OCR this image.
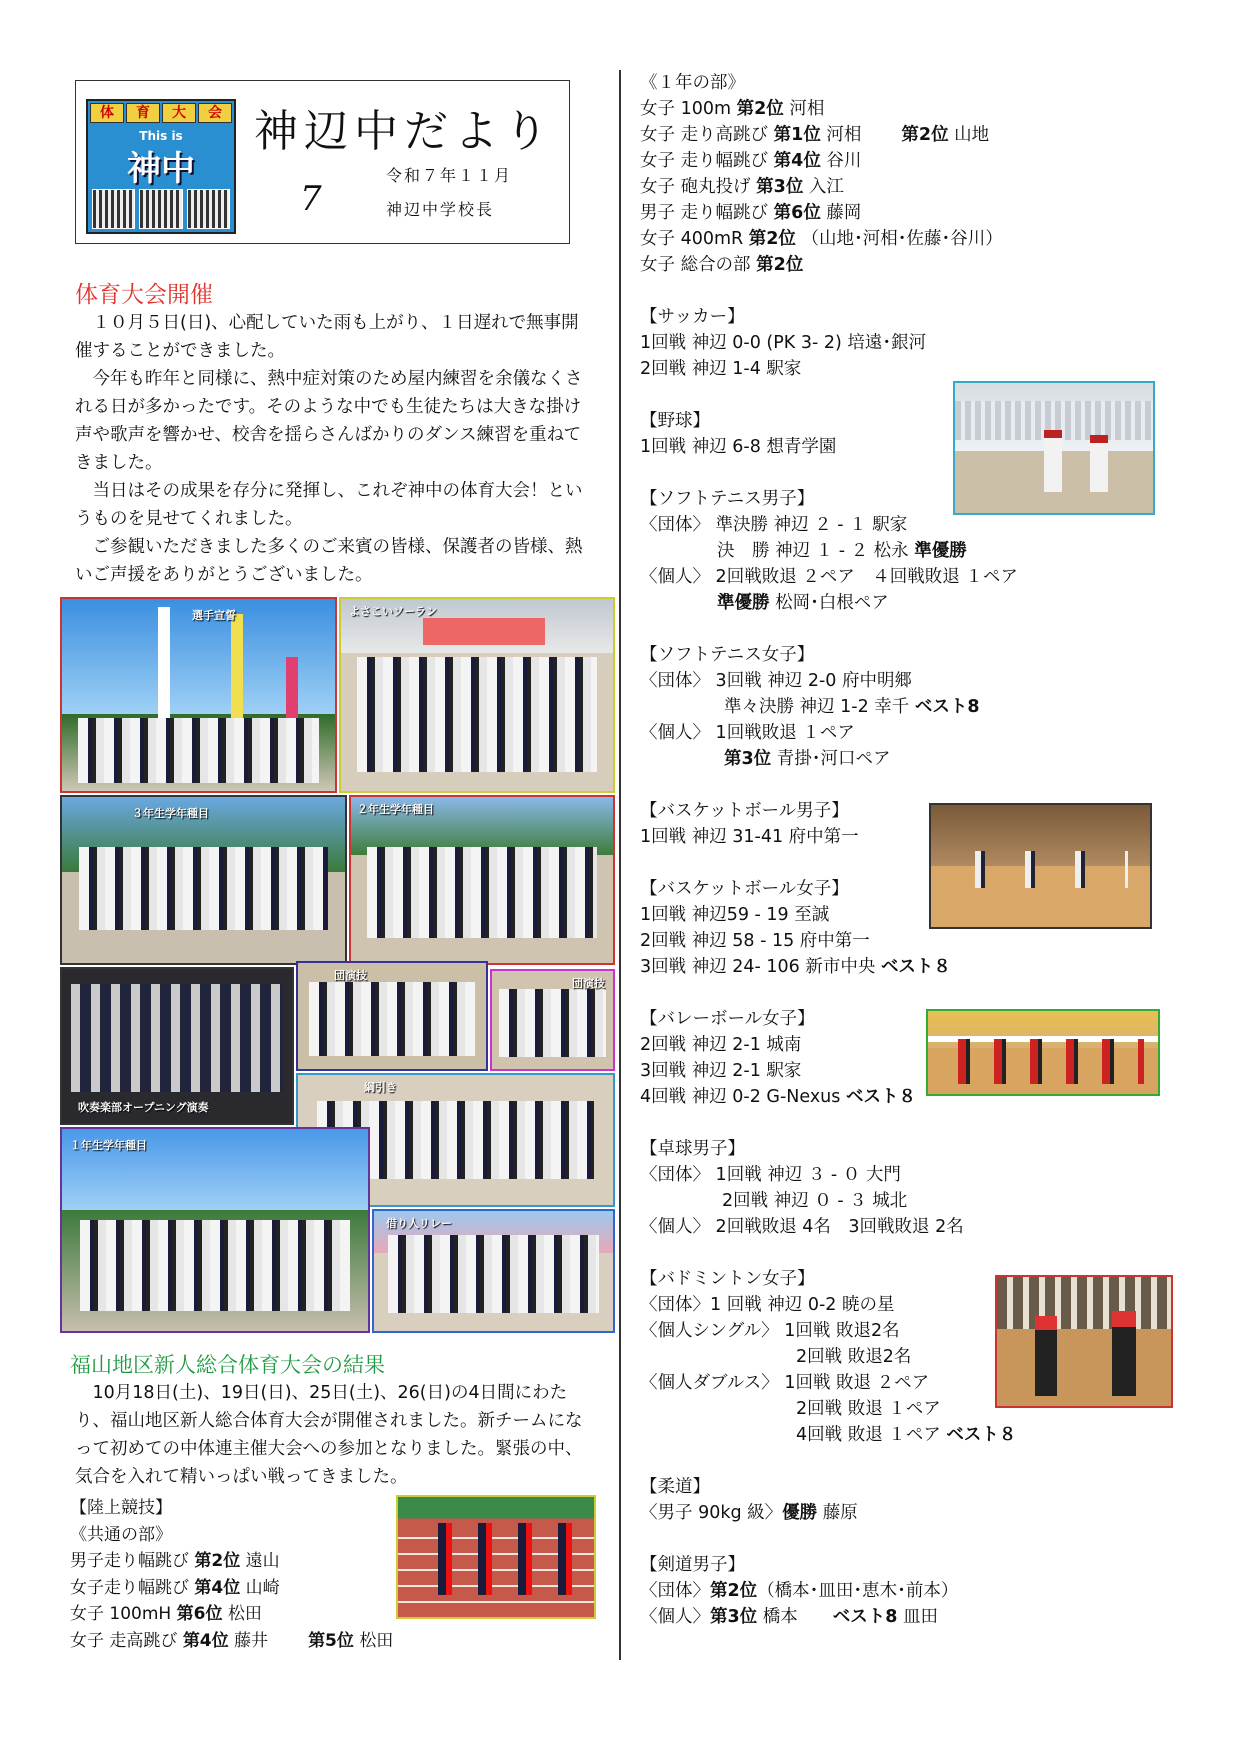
体	育	大	会
This is
神中
神辺中だより
7
令和７年１１月
神辺中学校長
体育大会開催

１０月５日(日)、心配していた雨も上がり、１日遅れで無事開催することができました。

今年も昨年と同様に、熱中症対策のため屋内練習を余儀なくされる日が多かったです。そのような中でも生徒たちは大きな掛け声や歌声を響かせ、校舎を揺らさんばかりのダンス練習を重ねてきました。

当日はその成果を存分に発揮し、これぞ神中の体育大会！というものを見せてくれました。

ご参観いただきました多くのご来賓の皆様、保護者の皆様、熱いご声援をありがとうございました。

選手宣誓	よさこいソーラン
３年生学年種目	２年生学年種目
吹奏楽部オープニング演奏
団演技
団演技
綱引き
１年生学年種目
借り人リレー
福山地区新人総合体育大会の結果

10月18日(土)、19日(日)、25日(土)、26(日)の4日間にわたり、福山地区新人総合体育大会が開催されました。新チームになって初めての中体連主催大会への参加となりました。緊張の中、気合を入れて精いっぱい戦ってきました。

【陸上競技】
《共通の部》
男子走り幅跳び 第2位 遠山
女子走り幅跳び 第4位 山崎
女子 100mH 第6位 松田
女子 走高跳び 第4位 藤井 第5位 松田
《１年の部》
女子 100m 第2位 河相
女子 走り高跳び 第1位 河相 第2位 山地
女子 走り幅跳び 第4位 谷川
女子 砲丸投げ 第3位 入江
男子 走り幅跳び 第6位 藤岡
女子 400mR 第2位 （山地･河相･佐藤･谷川）
女子 総合の部 第2位
【サッカー】
1回戦 神辺 0-0 (PK 3- 2) 培遠･銀河
2回戦 神辺 1-4 駅家
【野球】
1回戦 神辺 6-8 想青学園
【ソフトテニス男子】
〈団体〉 準決勝 神辺 ２ - １ 駅家
決　勝 神辺 １ - ２ 松永 準優勝
〈個人〉 2回戦敗退 ２ペア　４回戦敗退 １ペア
準優勝 松岡･白根ペア
【ソフトテニス女子】
〈団体〉 3回戦 神辺 2-0 府中明郷
準々決勝 神辺 1-2 幸千 ベスト8
〈個人〉 1回戦敗退 １ペア
第3位 青掛･河口ペア
【バスケットボール男子】
1回戦 神辺 31-41 府中第一
【バスケットボール女子】
1回戦 神辺59 - 19 至誠
2回戦 神辺 58 - 15 府中第一
3回戦 神辺 24- 106 新市中央 ベスト８
【バレーボール女子】
2回戦 神辺 2-1 城南
3回戦 神辺 2-1 駅家
4回戦 神辺 0-2 G-Nexus ベスト８
【卓球男子】
〈団体〉 1回戦 神辺 ３ - ０ 大門
2回戦 神辺 ０ - ３ 城北
〈個人〉 2回戦敗退 4名　3回戦敗退 2名
【バドミントン女子】
〈団体〉1 回戦 神辺 0-2 暁の星
〈個人シングル〉 1回戦 敗退2名
2回戦 敗退2名
〈個人ダブルス〉 1回戦 敗退 ２ペア
2回戦 敗退 １ペア
4回戦 敗退 １ペア ベスト８
【柔道】
〈男子 90kg 級〉優勝 藤原
【剣道男子】
〈団体〉第2位（橋本･皿田･恵木･前本）
〈個人〉第3位 橋本　　ベスト8 皿田
